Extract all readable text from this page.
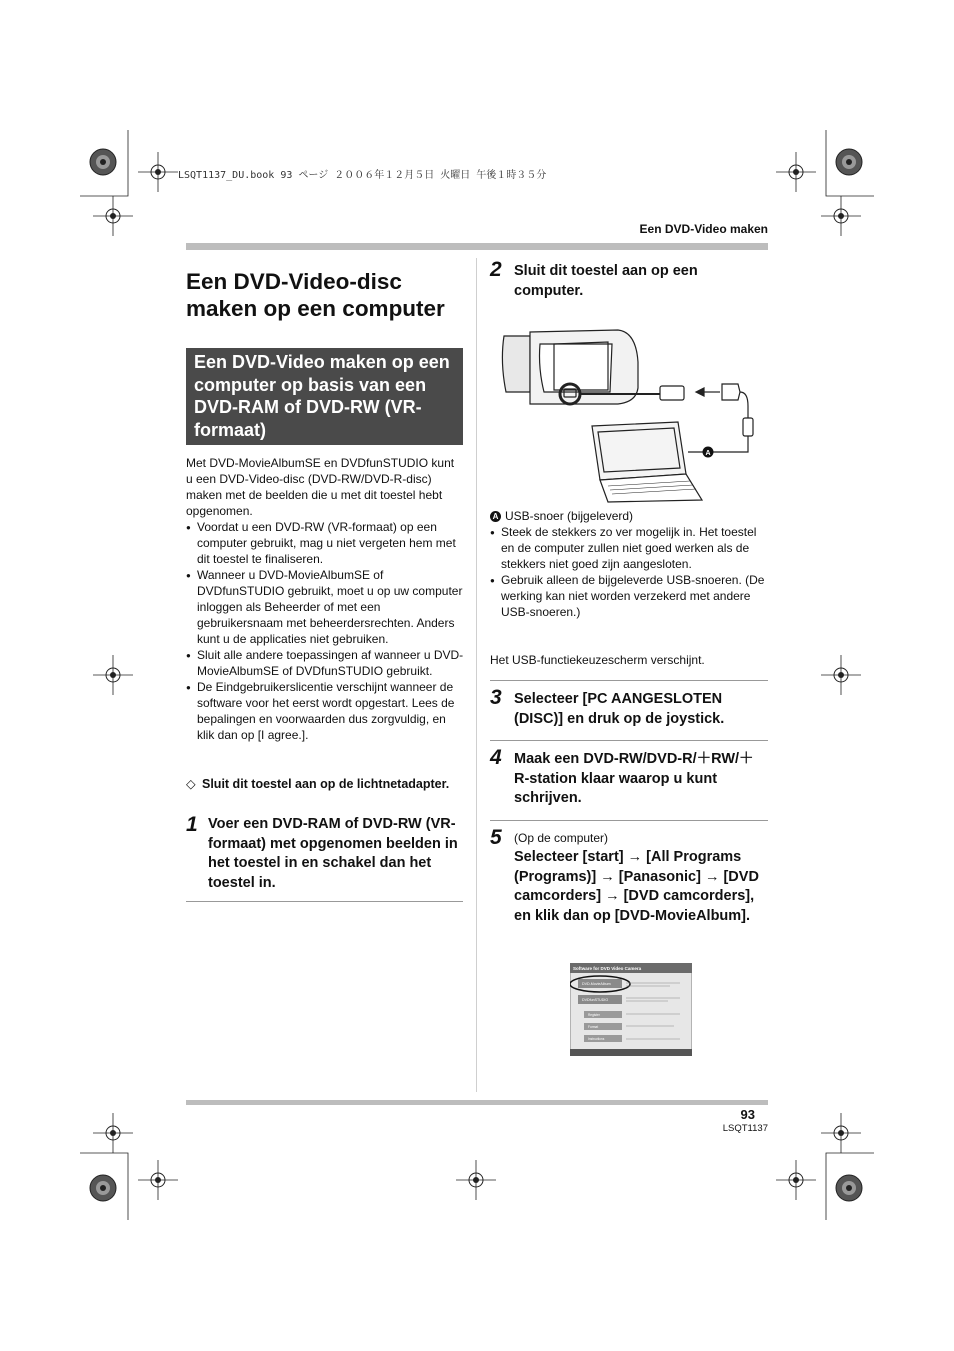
LSQT1137_DU.book 93 ページ ２００６年１２月５日 火曜日 午後１時３５分
Een DVD-Video maken
Een DVD-Video-disc maken op een computer
Een DVD-Video maken op een computer op basis van een DVD-RAM of DVD-RW (VR-formaat)
Met DVD-MovieAlbumSE en DVDfunSTUDIO kunt u een DVD-Video-disc (DVD-RW/DVD-R-disc) maken met de beelden die u met dit toestel hebt opgenomen.
● Voordat u een DVD-RW (VR-formaat) op een computer gebruikt, mag u niet vergeten hem met dit toestel te finaliseren.
● Wanneer u DVD-MovieAlbumSE of DVDfunSTUDIO gebruikt, moet u op uw computer inloggen als Beheerder of met een gebruikersnaam met beheerdersrechten. Anders kunt u de applicaties niet gebruiken.
● Sluit alle andere toepassingen af wanneer u DVD-MovieAlbumSE of DVDfunSTUDIO gebruikt.
● De Eindgebruikerslicentie verschijnt wanneer de software voor het eerst wordt opgestart. Lees de bepalingen en voorwaarden dus zorgvuldig, en klik dan op [I agree.].
◇ Sluit dit toestel aan op de lichtnetadapter.
1 Voer een DVD-RAM of DVD-RW (VR-formaat) met opgenomen beelden in het toestel in en schakel dan het toestel in.
2 Sluit dit toestel aan op een computer.
A
A USB-snoer (bijgeleverd)
● Steek de stekkers zo ver mogelijk in. Het toestel en de computer zullen niet goed werken als de stekkers niet goed zijn aangesloten.
● Gebruik alleen de bijgeleverde USB-snoeren. (De werking kan niet worden verzekerd met andere USB-snoeren.)
Het USB-functiekeuzescherm verschijnt.
3 Selecteer [PC AANGESLOTEN (DISC)] en druk op de joystick.
4 Maak een DVD-RW/DVD-R/＋RW/＋R-station klaar waarop u kunt schrijven.
5 (Op de computer)
Selecteer [start] → [All Programs (Programs)] → [Panasonic] → [DVD camcorders] → [DVD camcorders], en klik dan op [DVD-MovieAlbum].
Software for DVD Video Camera
DVD-MovieAlbum
DVDfunSTUDIO
Register
Format
Instructions
93
LSQT1137
